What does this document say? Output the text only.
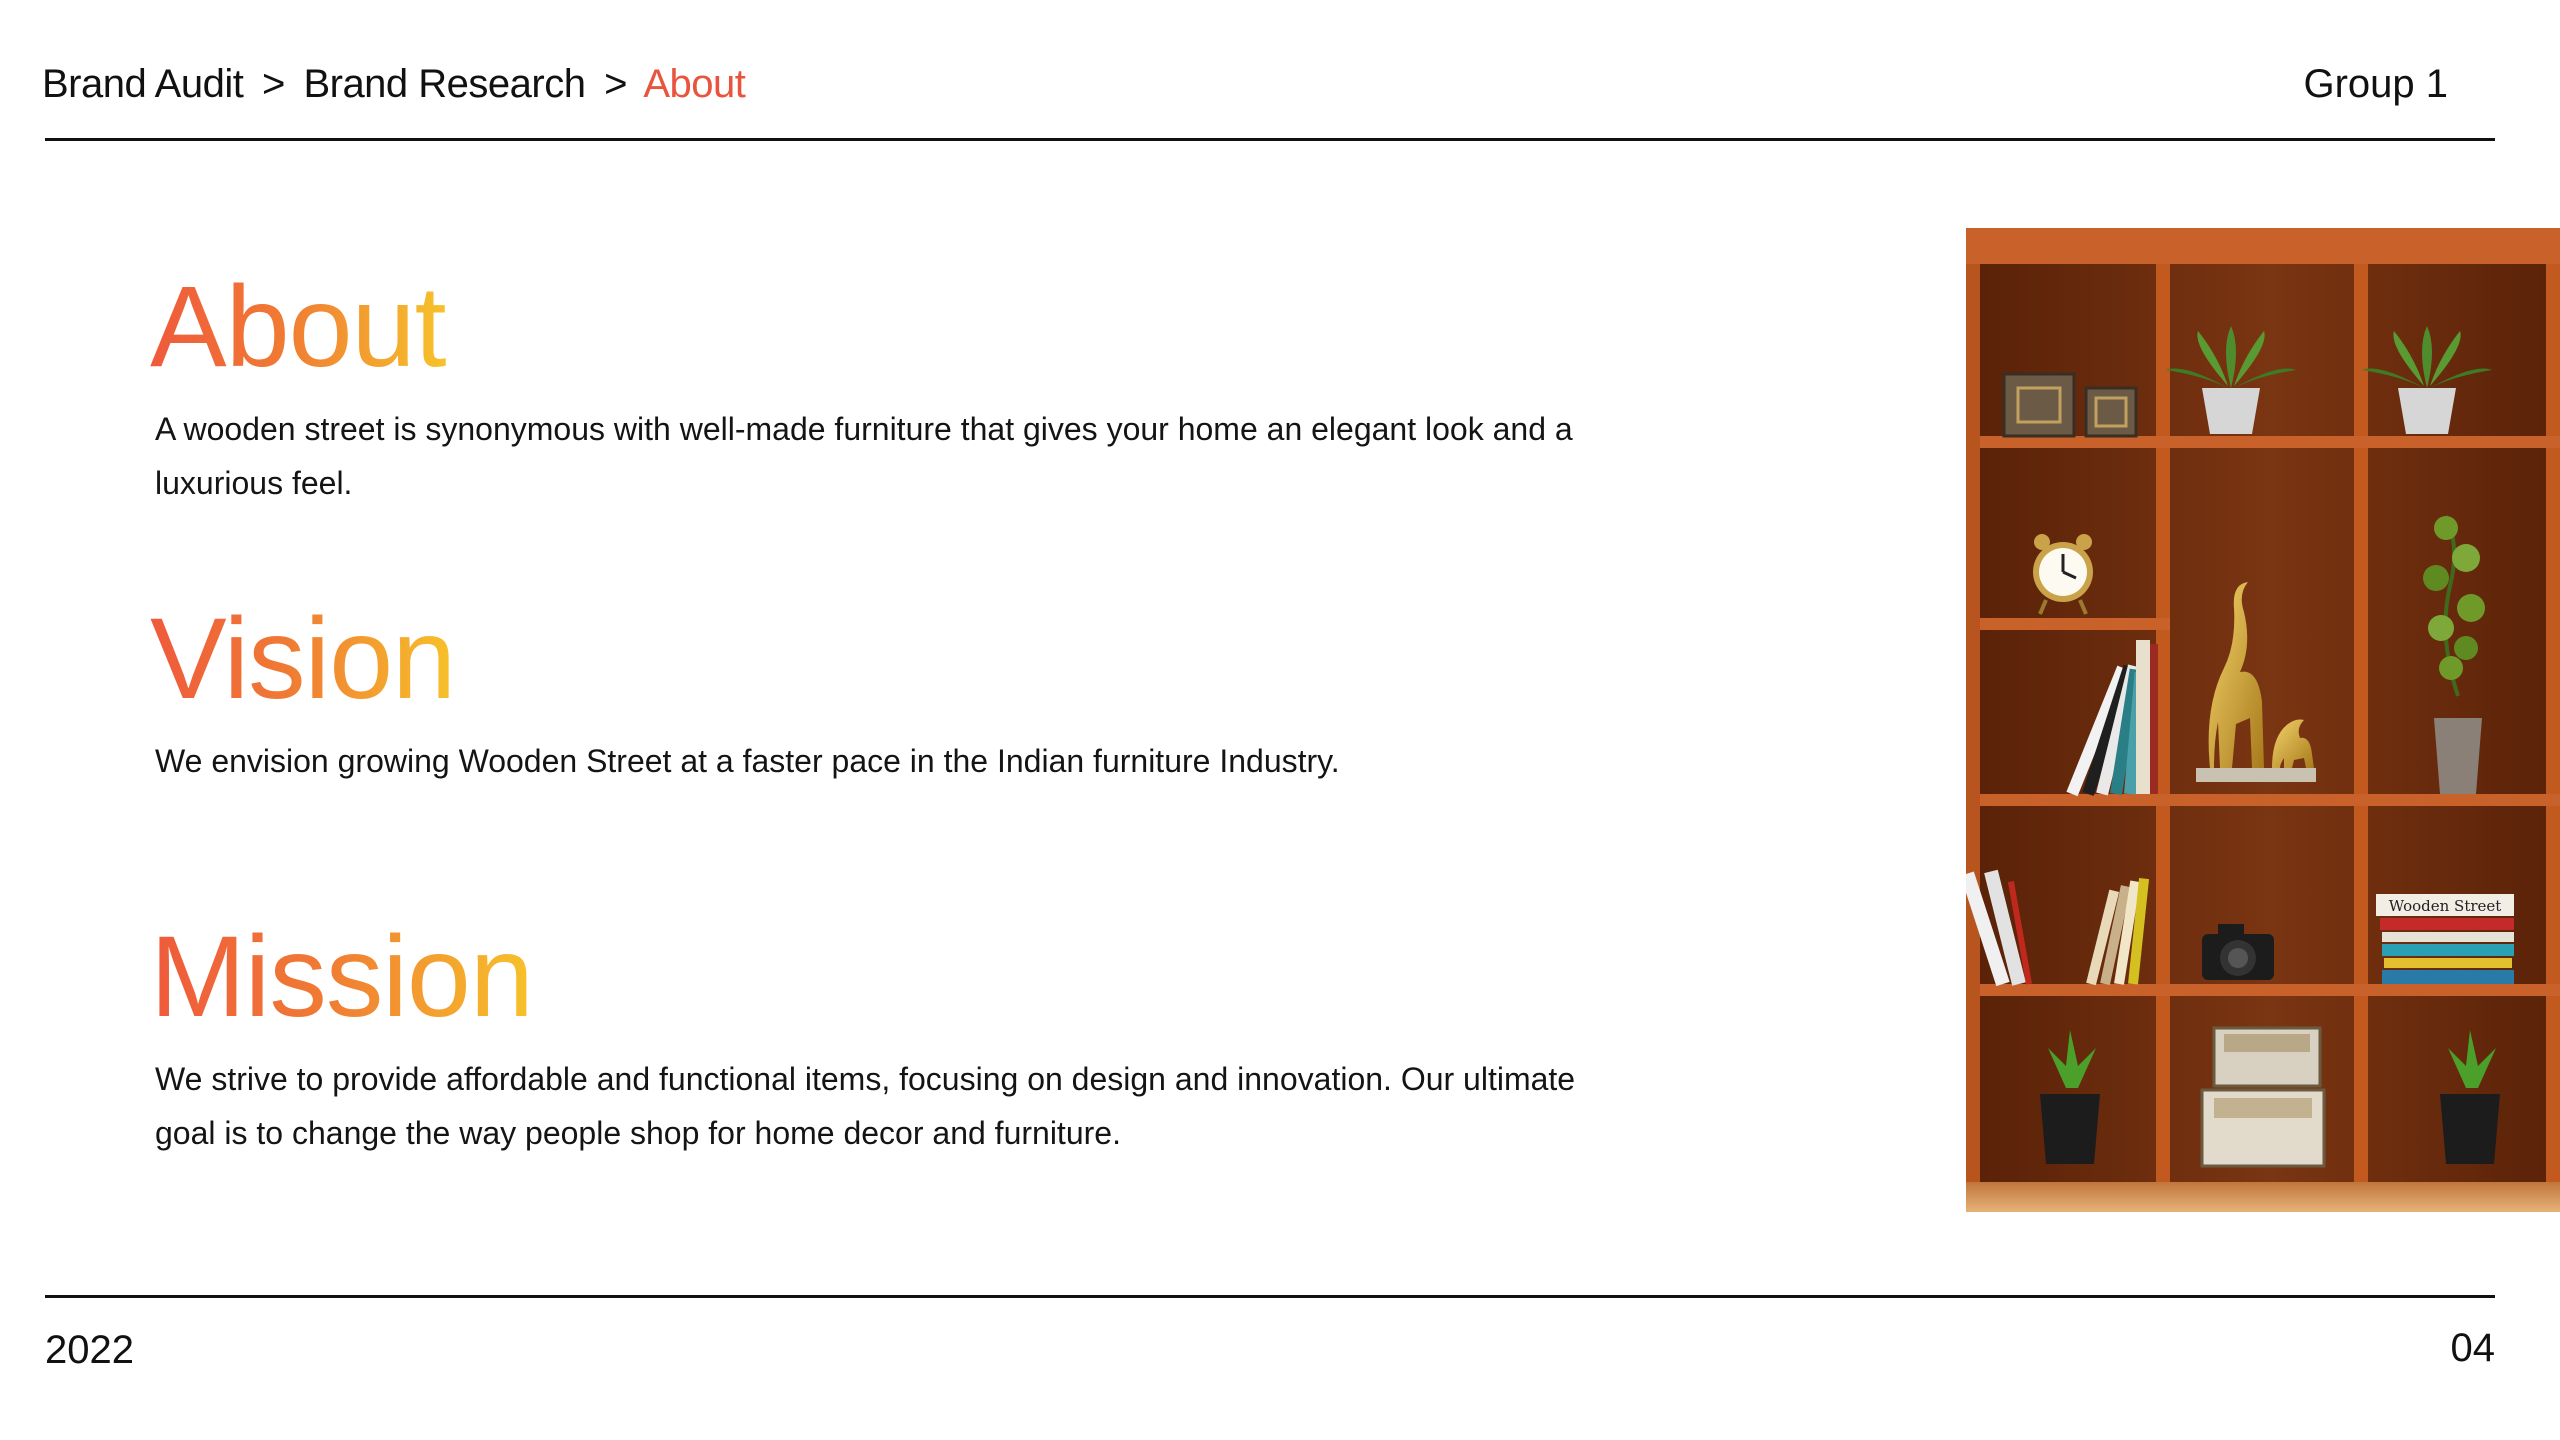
Brand Audit > Brand Research > About	Group 1
About

A wooden street is synonymous with well-made furniture that gives your home an elegant look and a luxurious feel.

Vision

We envision growing Wooden Street at a faster pace in the Indian furniture Industry.

Mission

We strive to provide affordable and functional items, focusing on design and innovation. Our ultimate goal is to change the way people shop for home decor and furniture.

Wooden Street
2022	04
